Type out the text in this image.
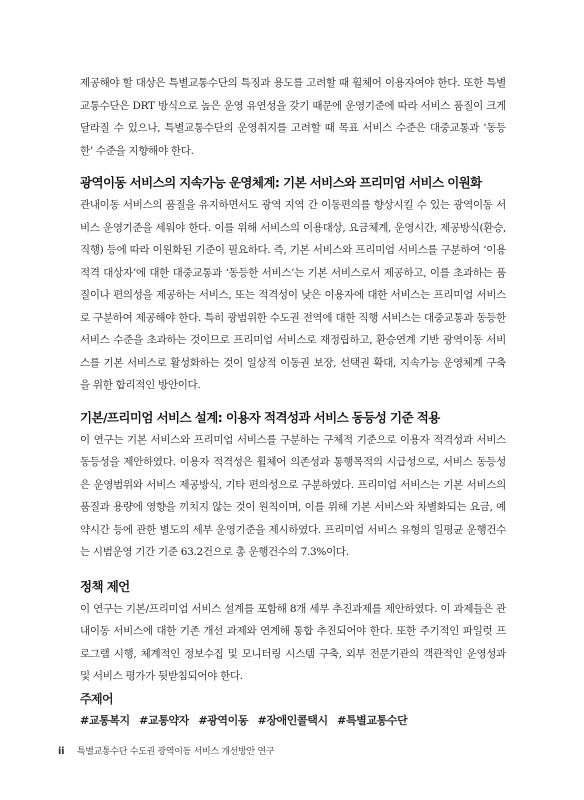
제공해야 할 대상은 특별교통수단의 특징과 용도를 고려할 때 휠체어 이용자여야 한다. 또한 특별교통수단은 DRT 방식으로 높은 운영 유연성을 갖기 때문에 운영기준에 따라 서비스 품질이 크게 달라질 수 있으나, 특별교통수단의 운영취지를 고려할 때 목표 서비스 수준은 대중교통과 ‘동등한’ 수준을 지향해야 한다.

광역이동 서비스의 지속가능 운영체계: 기본 서비스와 프리미엄 서비스 이원화

관내이동 서비스의 품질을 유지하면서도 광역 지역 간 이동편의를 향상시킬 수 있는 광역이동 서비스 운영기준을 세워야 한다. 이를 위해 서비스의 이용대상, 요금체계, 운영시간, 제공방식(환승, 직행) 등에 따라 이원화된 기준이 필요하다. 즉, 기본 서비스와 프리미엄 서비스를 구분하여 ‘이용 적격 대상자’에 대한 대중교통과 ‘동등한 서비스’는 기본 서비스로서 제공하고, 이를 초과하는 품질이나 편의성을 제공하는 서비스, 또는 적격성이 낮은 이용자에 대한 서비스는 프리미엄 서비스로 구분하여 제공해야 한다. 특히 광범위한 수도권 전역에 대한 직행 서비스는 대중교통과 동등한 서비스 수준을 초과하는 것이므로 프리미엄 서비스로 재정립하고, 환승연계 기반 광역이동 서비스를 기본 서비스로 활성화하는 것이 일상적 이동권 보장, 선택권 확대, 지속가능 운영체계 구축을 위한 합리적인 방안이다.

기본/프리미엄 서비스 설계: 이용자 적격성과 서비스 동등성 기준 적용

이 연구는 기본 서비스와 프리미엄 서비스를 구분하는 구체적 기준으로 이용자 적격성과 서비스 동등성을 제안하였다. 이용자 적격성은 휠체어 의존성과 통행목적의 시급성으로, 서비스 동등성은 운영범위와 서비스 제공방식, 기타 편의성으로 구분하였다. 프리미엄 서비스는 기본 서비스의 품질과 용량에 영향을 끼치지 않는 것이 원칙이며, 이를 위해 기본 서비스와 차별화되는 요금, 예약시간 등에 관한 별도의 세부 운영기준을 제시하였다. 프리미엄 서비스 유형의 일평균 운행건수는 시범운영 기간 기준 63.2건으로 총 운행건수의 7.3%이다.

정책 제언

이 연구는 기본/프리미엄 서비스 설계를 포함해 8개 세부 추진과제를 제안하였다. 이 과제들은 관내이동 서비스에 대한 기존 개선 과제와 연계해 통합 추진되어야 한다. 또한 주기적인 파일럿 프로그램 시행, 체계적인 정보수집 및 모니터링 시스템 구축, 외부 전문기관의 객관적인 운영성과 및 서비스 평가가 뒷받침되어야 한다.

주제어
#교통복지 #교통약자 #광역이동 #장애인콜택시 #특별교통수단
ii 특별교통수단 수도권 광역이동 서비스 개선방안 연구
